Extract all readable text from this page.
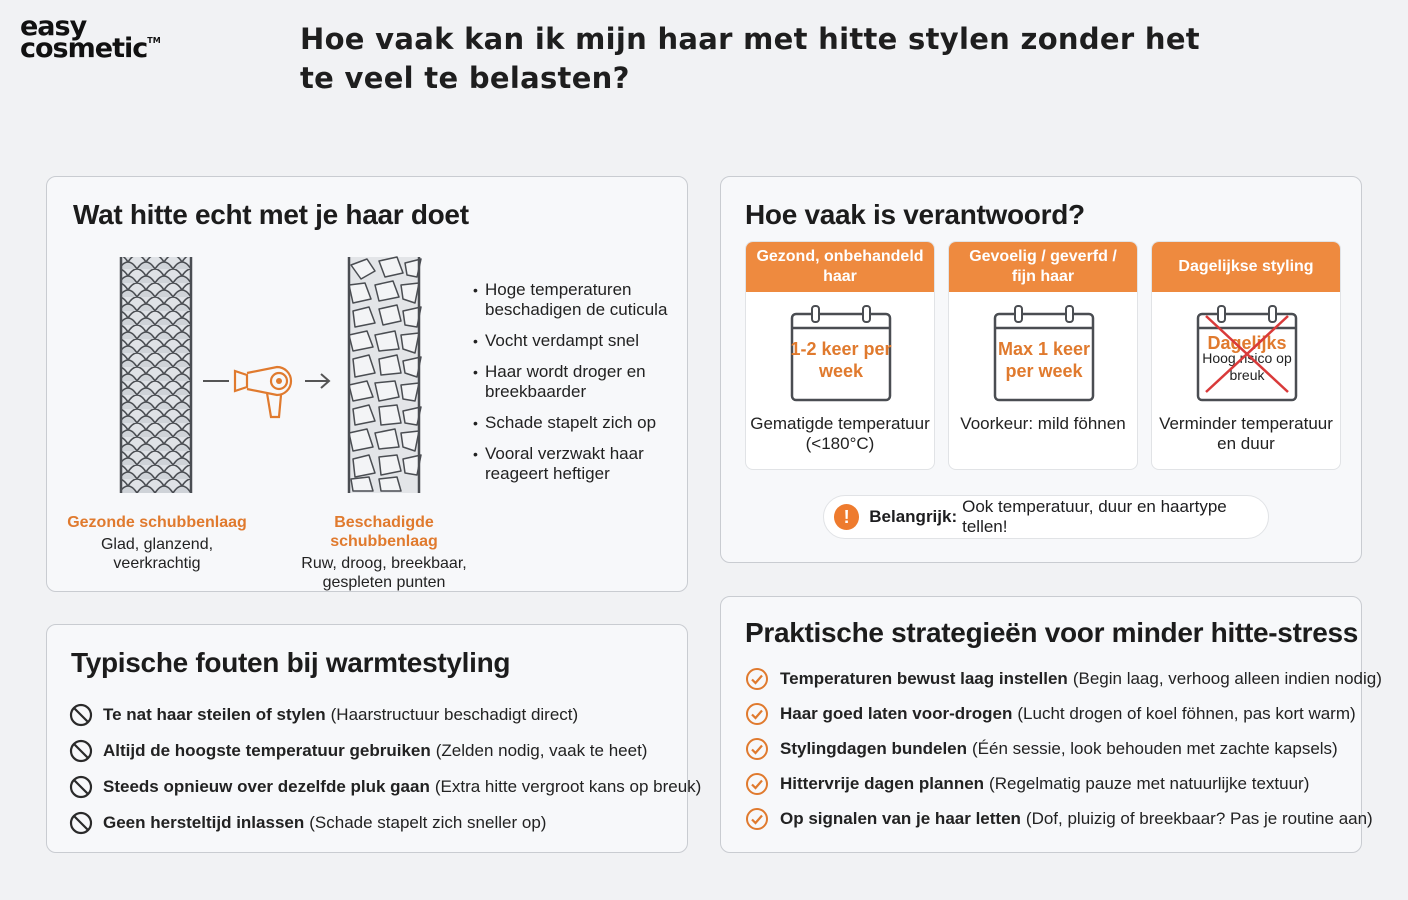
easy
cosmetic™	Hoe vaak kan ik mijn haar met hitte stylen zonder het te veel te belasten?
Wat hitte echt met je haar doet
Gezonde schubbenlaag
Glad, glanzend, veerkrachtig
Beschadigde schubbenlaag
Ruw, droog, breekbaar, gespleten punten
• Hoge temperaturen beschadigen de cuticula
• Vocht verdampt snel
• Haar wordt droger en breekbaarder
• Schade stapelt zich op
• Vooral verzwakt haar reageert heftiger
Hoe vaak is verantwoord?
Gezond, onbehandeld haar
1-2 keer per week
Gematigde temperatuur (<180°C)
Gevoelig / geverfd / fijn haar
Max 1 keer per week
Voorkeur: mild föhnen
Dagelijkse styling
Dagelijks
Hoog risico op breuk
Verminder temperatuur en duur
!	Belangrijk:
Ook temperatuur, duur en haartype tellen!
Typische fouten bij warmtestyling
Te nat haar steilen of stylen (Haarstructuur beschadigt direct)
Altijd de hoogste temperatuur gebruiken (Zelden nodig, vaak te heet)
Steeds opnieuw over dezelfde pluk gaan (Extra hitte vergroot kans op breuk)
Geen hersteltijd inlassen (Schade stapelt zich sneller op)
Praktische strategieën voor minder hitte-stress
Temperaturen bewust laag instellen (Begin laag, verhoog alleen indien nodig)
Haar goed laten voor-drogen (Lucht drogen of koel föhnen, pas kort warm)
Stylingdagen bundelen (Één sessie, look behouden met zachte kapsels)
Hittervrije dagen plannen (Regelmatig pauze met natuurlijke textuur)
Op signalen van je haar letten (Dof, pluizig of breekbaar? Pas je routine aan)
